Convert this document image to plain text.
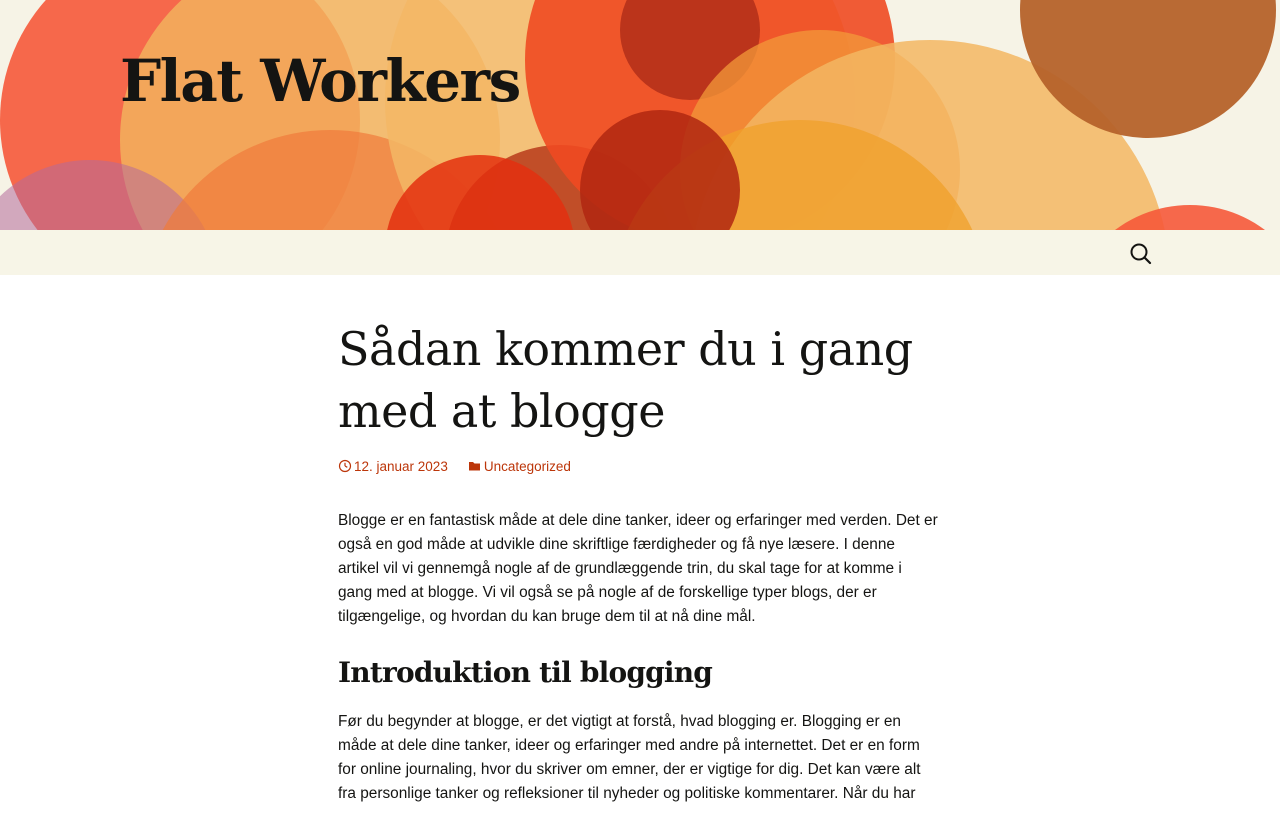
Flat Workers
Sådan kommer du i gang med at blogge
12. januar 2023	Uncategorized

Blogge er en fantastisk måde at dele dine tanker, ideer og erfaringer med verden. Det er også en god måde at udvikle dine skriftlige færdigheder og få nye læsere. I denne artikel vil vi gennemgå nogle af de grundlæggende trin, du skal tage for at komme i gang med at blogge. Vi vil også se på nogle af de forskellige typer blogs, der er tilgængelige, og hvordan du kan bruge dem til at nå dine mål.

Introduktion til blogging

Før du begynder at blogge, er det vigtigt at forstå, hvad blogging er. Blogging er en måde at dele dine tanker, ideer og erfaringer med andre på internettet. Det er en form for online journaling, hvor du skriver om emner, der er vigtige for dig. Det kan være alt fra personlige tanker og refleksioner til nyheder og politiske kommentarer. Når du har
